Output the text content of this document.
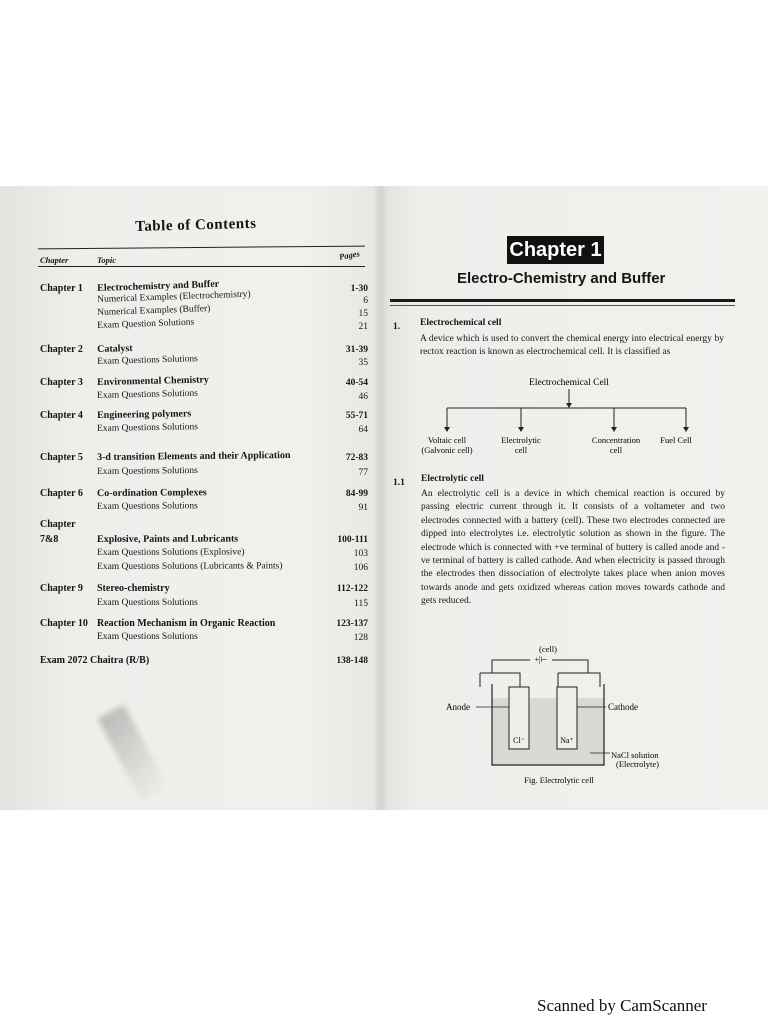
Table of Contents
Chapter	Topic	Pages
Chapter 1 Electrochemistry and Buffer	1-30
Numerical Examples (Electrochemistry)	6
Numerical Examples (Buffer)	15
Exam Question Solutions	21
Chapter 2 Catalyst	31-39
Exam Questions Solutions	35
Chapter 3 Environmental Chemistry	40-54
Exam Questions Solutions	46
Chapter 4 Engineering polymers	55-71
Exam Questions Solutions	64
Chapter 5 3-d transition Elements and their Application	72-83
Exam Questions Solutions	77
Chapter 6 Co-ordination Complexes	84-99
Exam Questions Solutions	91
Chapter
7&8	Explosive, Paints and Lubricants	100-111
Exam Questions Solutions (Explosive)	103
Exam Questions Solutions (Lubricants & Paints)	106
Chapter 9 Stereo-chemistry	112-122
Exam Questions Solutions	115
Chapter 10 Reaction Mechanism in Organic Reaction	123-137
Exam Questions Solutions	128
Exam 2072 Chaitra (R/B)	138-148
Chapter 1
Electro-Chemistry and Buffer
1. Electrochemical cell
A device which is used to convert the chemical energy into electrical energy by rectox reaction is known as electrochemical cell. It is classified as
Electrochemical Cell
Voltaic cell
(Galvonic cell)
Electrolytic
cell
Concentration
cell
Fuel Cell
1.1 Electrolytic cell
An electrolytic cell is a device in which chemical reaction is occured by passing electric current through it. It consists of a voltameter and two electrodes connected with a battery (cell). These two electrodes connected are dipped into electrolytes i.e. electrolytic solution as shown in the figure. The electrode which is connected with +ve terminal of buttery is called anode and -ve terminal of battery is called cathode. And when electricity is passed through the electrodes then dissociation of electrolyte takes place when anion moves towards anode and gets oxidized whereas cation moves towards cathode and gets reduced.
(cell)
+|⊢
Cl⁻	Na⁺
Anode	Cathode
NaCl solution
(Electrolyte)
Fig. Electrolytic cell
Scanned by CamScanner
